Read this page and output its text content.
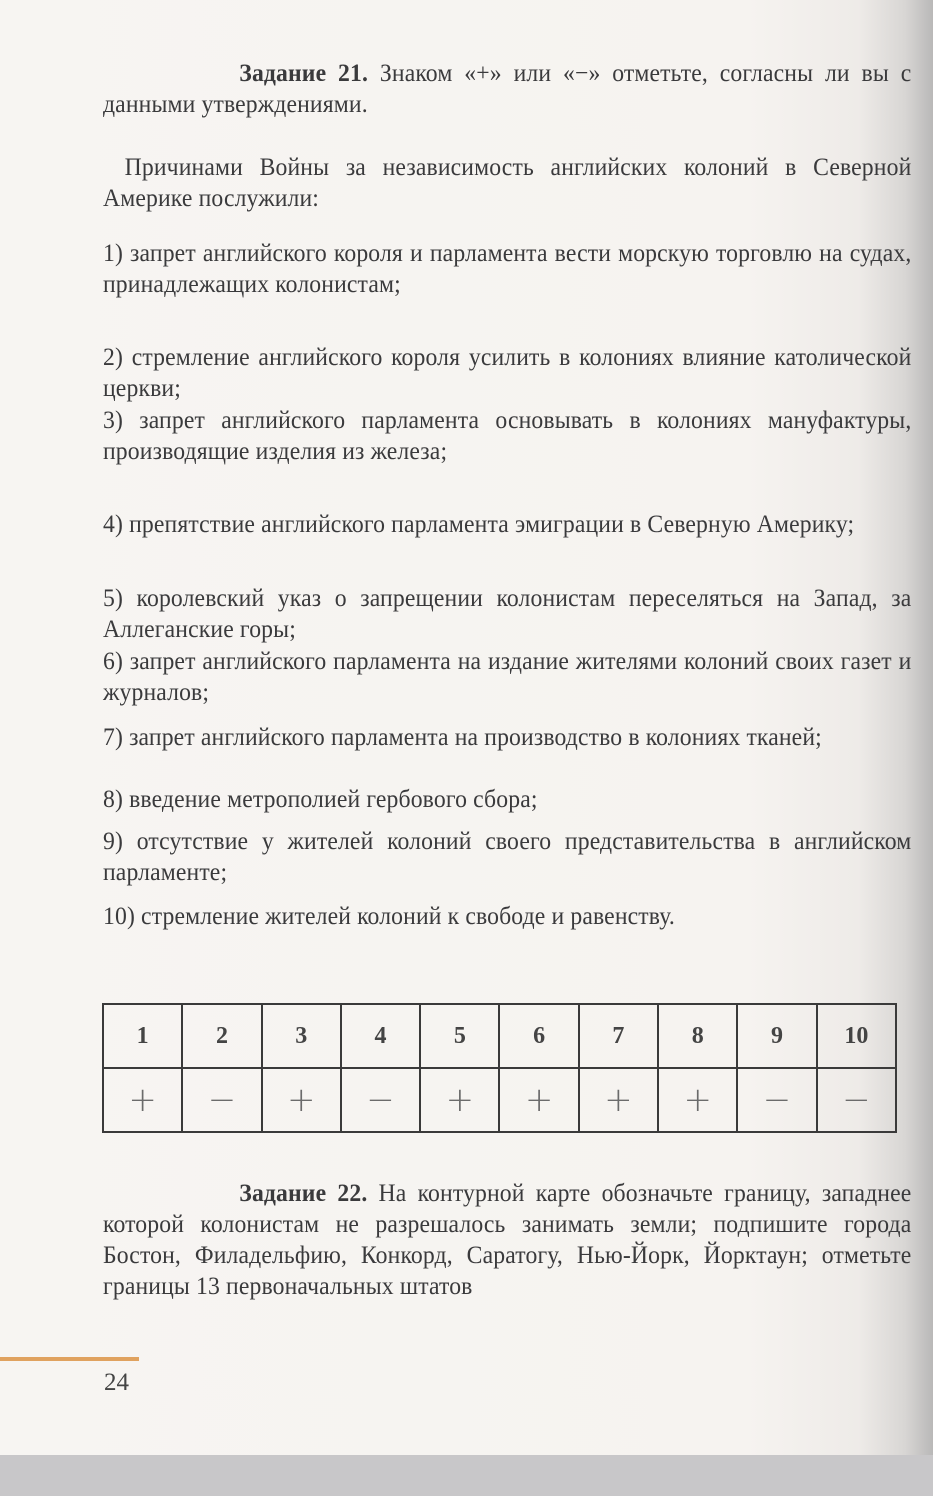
Задание 21. Знаком «+» или «−» отметьте, согласны ли вы с данными утверждениями.

Причинами Войны за независимость английских колоний в Северной Америке послужили:

1) запрет английского короля и парламента вести морскую торговлю на судах, принадлежащих колонистам;

2) стремление английского короля усилить в колониях влияние католической церкви;

3) запрет английского парламента основывать в колониях мануфактуры, производящие изделия из железа;

4) препятствие английского парламента эмиграции в Северную Америку;

5) королевский указ о запрещении колонистам переселяться на Запад, за Аллеганские горы;

6) запрет английского парламента на издание жителями колоний своих газет и журналов;

7) запрет английского парламента на производство в колониях тканей;

8) введение метрополией гербового сбора;

9) отсутствие у жителей колоний своего представительства в английском парламенте;

10) стремление жителей колоний к свободе и равенству.

1	2	3	4	5	6	7	8	9	10
+	−	+	−	+	+	+	+	−	−

Задание 22. На контурной карте обозначьте границу, западнее которой колонистам не разрешалось занимать земли; подпишите города Бостон, Филадельфию, Конкорд, Саратогу, Нью-Йорк, Йорктаун; отметьте границы 13 первоначальных штатов

24
